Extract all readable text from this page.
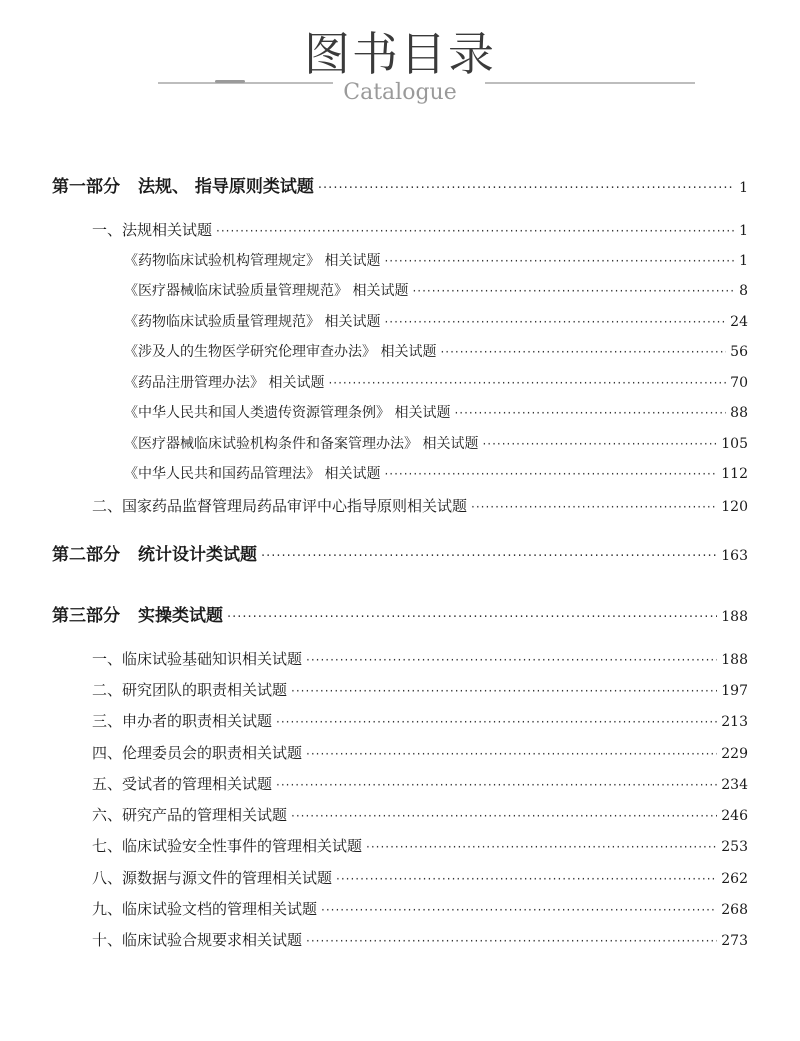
图书目录
Catalogue
第一部分 法规、 指导原则类试题 ·····	1
一、法规相关试题 ·····	1
《药物临床试验机构管理规定》 相关试题 ·····	1
《医疗器械临床试验质量管理规范》 相关试题 ·····	8
《药物临床试验质量管理规范》 相关试题 ·····	24
《涉及人的生物医学研究伦理审查办法》 相关试题 ·····	56
《药品注册管理办法》 相关试题 ·····	70
《中华人民共和国人类遗传资源管理条例》 相关试题 ·····	88
《医疗器械临床试验机构条件和备案管理办法》 相关试题 ·····	105
《中华人民共和国药品管理法》 相关试题 ·····	112
二、国家药品监督管理局药品审评中心指导原则相关试题 ·····	120
第二部分 统计设计类试题 ·····	163
第三部分 实操类试题 ·····	188
一、临床试验基础知识相关试题 ·····	188
二、研究团队的职责相关试题 ·····	197
三、申办者的职责相关试题 ·····	213
四、伦理委员会的职责相关试题 ·····	229
五、受试者的管理相关试题 ·····	234
六、研究产品的管理相关试题 ·····	246
七、临床试验安全性事件的管理相关试题 ·····	253
八、源数据与源文件的管理相关试题 ·····	262
九、临床试验文档的管理相关试题 ·····	268
十、临床试验合规要求相关试题 ·····	273
